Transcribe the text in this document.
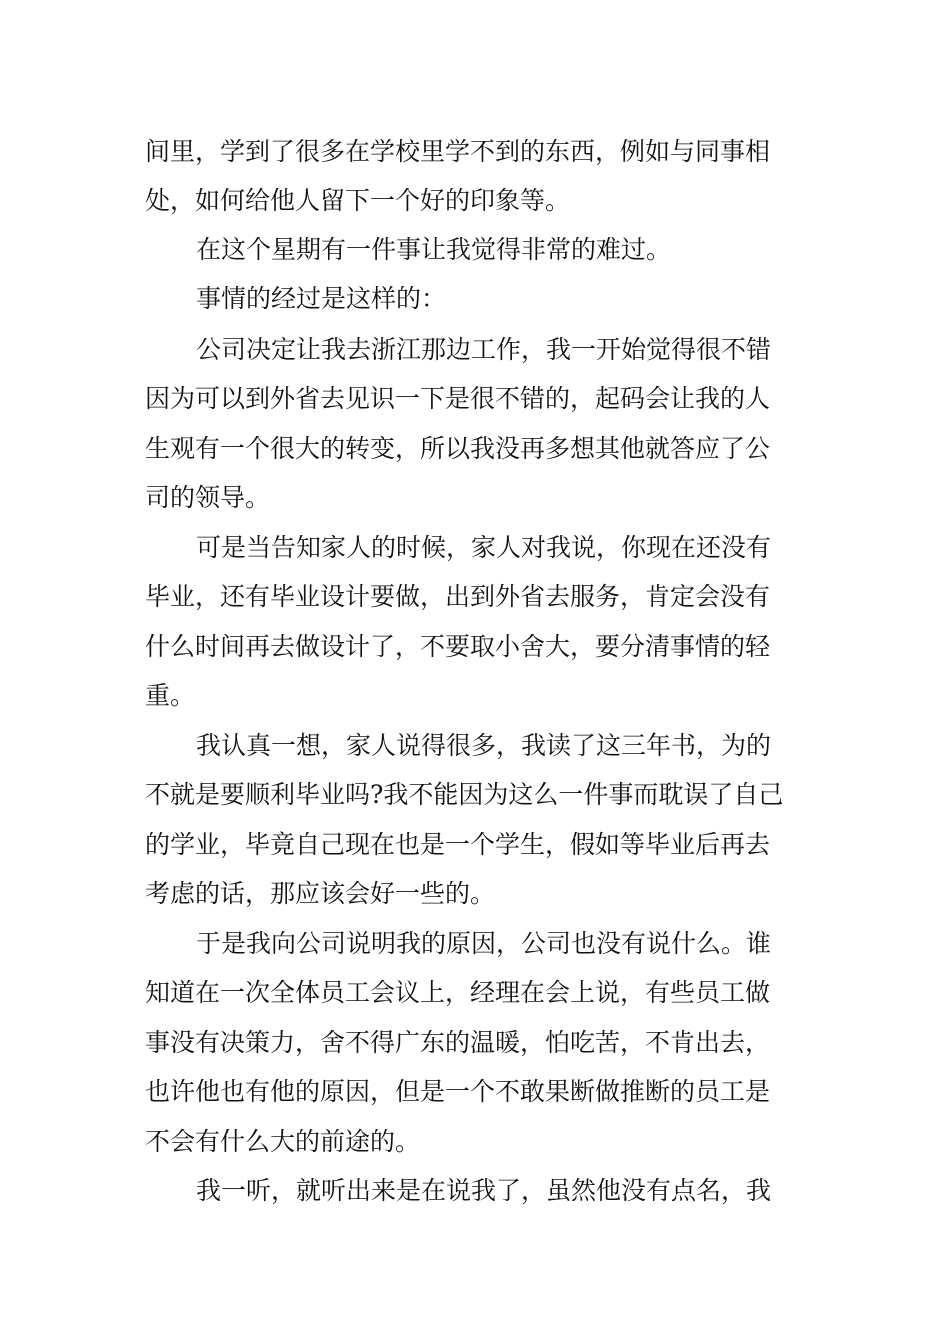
间里，学到了很多在学校里学不到的东西，例如与同事相
处，如何给他人留下一个好的印象等。
在这个星期有一件事让我觉得非常的难过。
事情的经过是这样的：
公司决定让我去浙江那边工作，我一开始觉得很不错
因为可以到外省去见识一下是很不错的，起码会让我的人
生观有一个很大的转变，所以我没再多想其他就答应了公
司的领导。
可是当告知家人的时候，家人对我说，你现在还没有
毕业，还有毕业设计要做，出到外省去服务，肯定会没有
什么时间再去做设计了，不要取小舍大，要分清事情的轻
重。
我认真一想，家人说得很多，我读了这三年书，为的
不就是要顺利毕业吗?我不能因为这么一件事而耽误了自己
的学业，毕竟自己现在也是一个学生，假如等毕业后再去
考虑的话，那应该会好一些的。
于是我向公司说明我的原因，公司也没有说什么。谁
知道在一次全体员工会议上，经理在会上说，有些员工做
事没有决策力，舍不得广东的温暖，怕吃苦，不肯出去，
也许他也有他的原因，但是一个不敢果断做推断的员工是
不会有什么大的前途的。
我一听，就听出来是在说我了，虽然他没有点名，我
